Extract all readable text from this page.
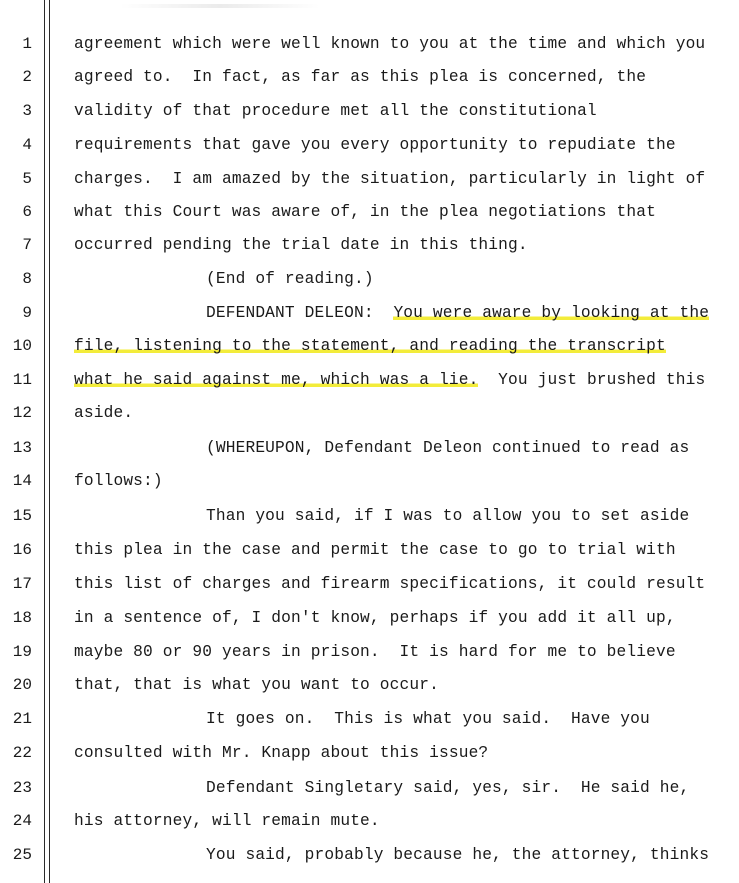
1	agreement which were well known to you at the time and which you
2	agreed to.  In fact, as far as this plea is concerned, the
3	validity of that procedure met all the constitutional
4	requirements that gave you every opportunity to repudiate the
5	charges.  I am amazed by the situation, particularly in light of
6	what this Court was aware of, in the plea negotiations that
7	occurred pending the trial date in this thing.
8	(End of reading.)
9	DEFENDANT DELEON: You were aware by looking at the
10	file, listening to the statement, and reading the transcript
11	what he said against me, which was a lie.  You just brushed this
12	aside.
13	(WHEREUPON, Defendant Deleon continued to read as
14	follows:)
15	Than you said, if I was to allow you to set aside
16	this plea in the case and permit the case to go to trial with
17	this list of charges and firearm specifications, it could result
18	in a sentence of, I don't know, perhaps if you add it all up,
19	maybe 80 or 90 years in prison.  It is hard for me to believe
20	that, that is what you want to occur.
21	It goes on.  This is what you said.  Have you
22	consulted with Mr. Knapp about this issue?
23	Defendant Singletary said, yes, sir.  He said he,
24	his attorney, will remain mute.
25	You said, probably because he, the attorney, thinks
